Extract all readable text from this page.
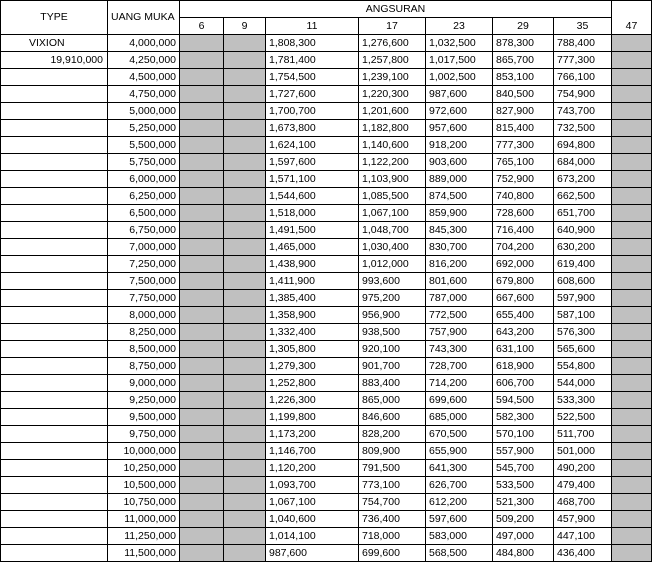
TYPE	UANG MUKA	ANGSURAN							47
		6	9	11	17	23	29	35	
VIXION	4,000,000			1,808,300	1,276,600	1,032,500	878,300	788,400	
19,910,000	4,250,000			1,781,400	1,257,800	1,017,500	865,700	777,300	
	4,500,000			1,754,500	1,239,100	1,002,500	853,100	766,100	
	4,750,000			1,727,600	1,220,300	987,600	840,500	754,900	
	5,000,000			1,700,700	1,201,600	972,600	827,900	743,700	
	5,250,000			1,673,800	1,182,800	957,600	815,400	732,500	
	5,500,000			1,624,100	1,140,600	918,200	777,300	694,800	
	5,750,000			1,597,600	1,122,200	903,600	765,100	684,000	
	6,000,000			1,571,100	1,103,900	889,000	752,900	673,200	
	6,250,000			1,544,600	1,085,500	874,500	740,800	662,500	
	6,500,000			1,518,000	1,067,100	859,900	728,600	651,700	
	6,750,000			1,491,500	1,048,700	845,300	716,400	640,900	
	7,000,000			1,465,000	1,030,400	830,700	704,200	630,200	
	7,250,000			1,438,900	1,012,000	816,200	692,000	619,400	
	7,500,000			1,411,900	993,600	801,600	679,800	608,600	
	7,750,000			1,385,400	975,200	787,000	667,600	597,900	
	8,000,000			1,358,900	956,900	772,500	655,400	587,100	
	8,250,000			1,332,400	938,500	757,900	643,200	576,300	
	8,500,000			1,305,800	920,100	743,300	631,100	565,600	
	8,750,000			1,279,300	901,700	728,700	618,900	554,800	
	9,000,000			1,252,800	883,400	714,200	606,700	544,000	
	9,250,000			1,226,300	865,000	699,600	594,500	533,300	
	9,500,000			1,199,800	846,600	685,000	582,300	522,500	
	9,750,000			1,173,200	828,200	670,500	570,100	511,700	
	10,000,000			1,146,700	809,900	655,900	557,900	501,000	
	10,250,000			1,120,200	791,500	641,300	545,700	490,200	
	10,500,000			1,093,700	773,100	626,700	533,500	479,400	
	10,750,000			1,067,100	754,700	612,200	521,300	468,700	
	11,000,000			1,040,600	736,400	597,600	509,200	457,900	
	11,250,000			1,014,100	718,000	583,000	497,000	447,100	
	11,500,000			987,600	699,600	568,500	484,800	436,400	
